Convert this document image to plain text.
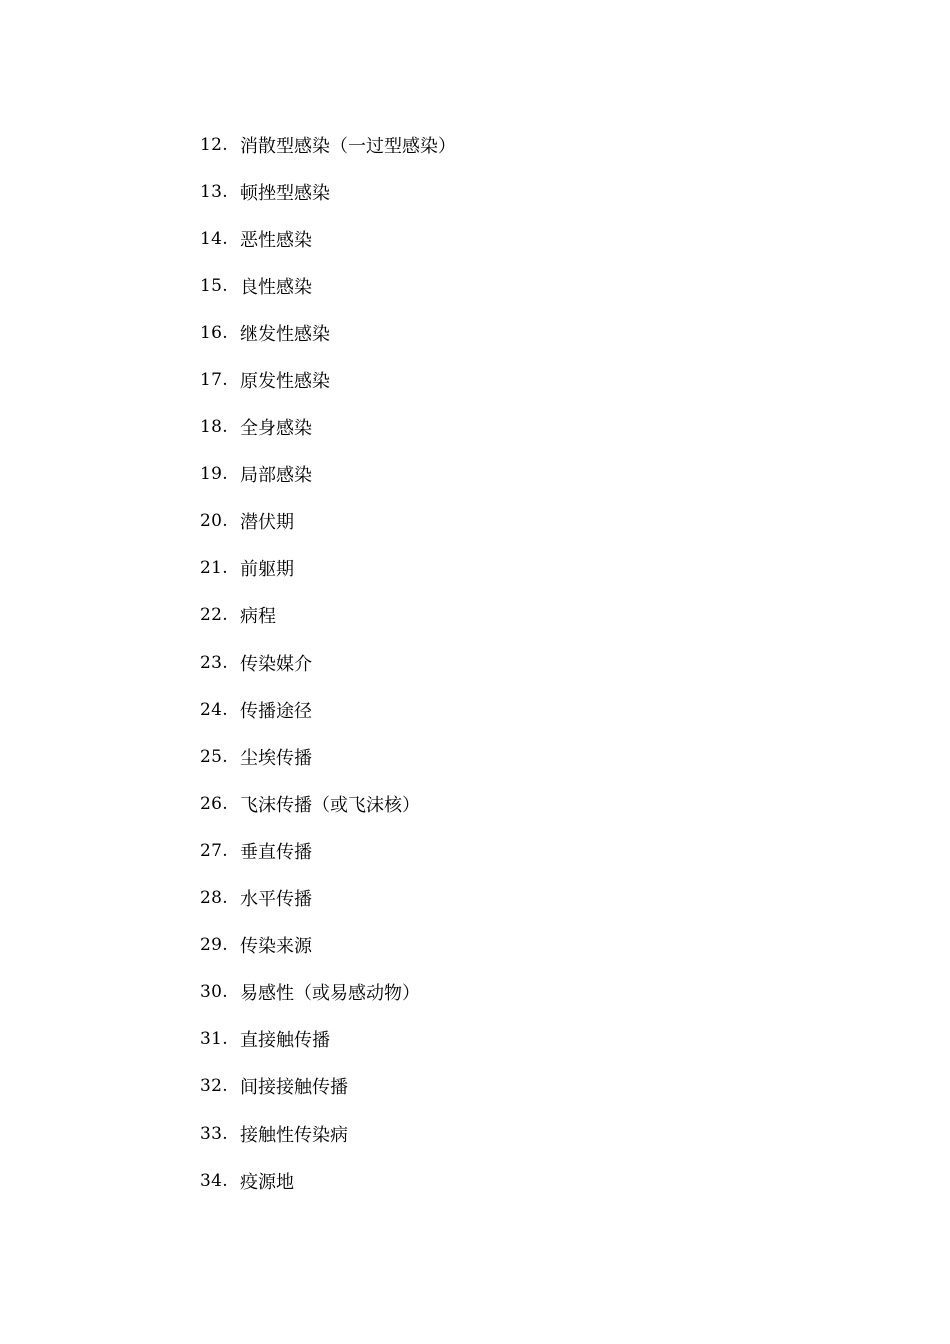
12. 消散型感染（一过型感染）
13. 顿挫型感染
14. 恶性感染
15. 良性感染
16. 继发性感染
17. 原发性感染
18. 全身感染
19. 局部感染
20. 潜伏期
21. 前躯期
22. 病程
23. 传染媒介
24. 传播途径
25. 尘埃传播
26. 飞沫传播（或飞沫核）
27. 垂直传播
28. 水平传播
29. 传染来源
30. 易感性（或易感动物）
31. 直接触传播
32. 间接接触传播
33. 接触性传染病
34. 疫源地
